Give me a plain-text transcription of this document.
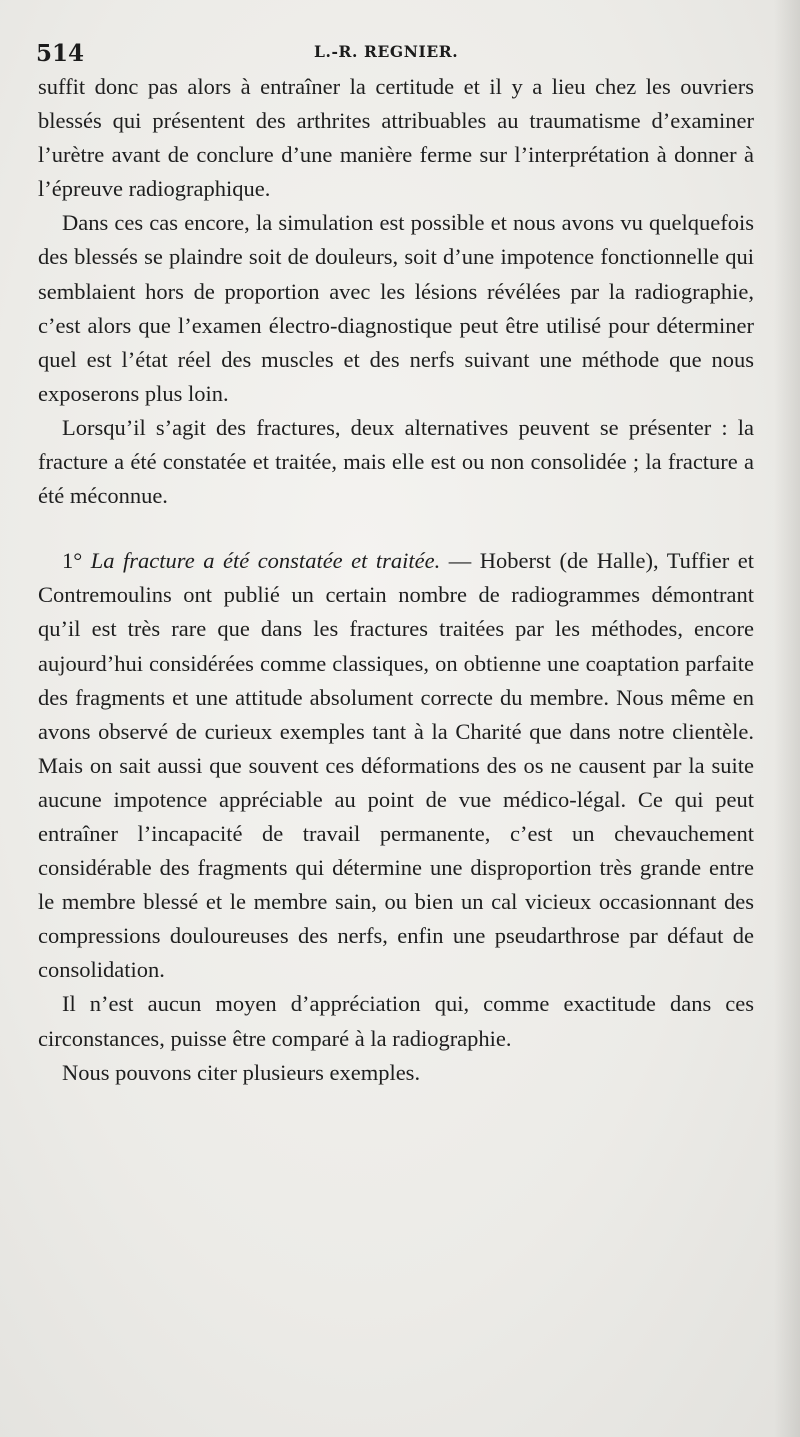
514	L.-R. REGNIER.

suffit donc pas alors à entraîner la certitude et il y a lieu chez les ouvriers blessés qui présentent des arthrites attribuables au traumatisme d’examiner l’urètre avant de conclure d’une manière ferme sur l’interprétation à donner à l’épreuve radiographique.

Dans ces cas encore, la simulation est possible et nous avons vu quelquefois des blessés se plaindre soit de douleurs, soit d’une impotence fonctionnelle qui semblaient hors de proportion avec les lésions révélées par la radiographie, c’est alors que l’examen électro-diagnostique peut être utilisé pour déterminer quel est l’état réel des muscles et des nerfs suivant une méthode que nous exposerons plus loin.

Lorsqu’il s’agit des fractures, deux alternatives peuvent se présenter : la fracture a été constatée et traitée, mais elle est ou non consolidée ; la fracture a été méconnue.

1° La fracture a été constatée et traitée. — Hoberst (de Halle), Tuffier et Contremoulins ont publié un certain nombre de radiogrammes démontrant qu’il est très rare que dans les fractures traitées par les méthodes, encore aujourd’hui considérées comme classiques, on obtienne une coaptation parfaite des fragments et une attitude absolument correcte du membre. Nous même en avons observé de curieux exemples tant à la Charité que dans notre clientèle. Mais on sait aussi que souvent ces déformations des os ne causent par la suite aucune impotence appréciable au point de vue médico-légal. Ce qui peut entraîner l’incapacité de travail permanente, c’est un chevauchement considérable des fragments qui détermine une disproportion très grande entre le membre blessé et le membre sain, ou bien un cal vicieux occasionnant des compressions douloureuses des nerfs, enfin une pseudarthrose par défaut de consolidation.

Il n’est aucun moyen d’appréciation qui, comme exactitude dans ces circonstances, puisse être comparé à la radiographie.

Nous pouvons citer plusieurs exemples.
